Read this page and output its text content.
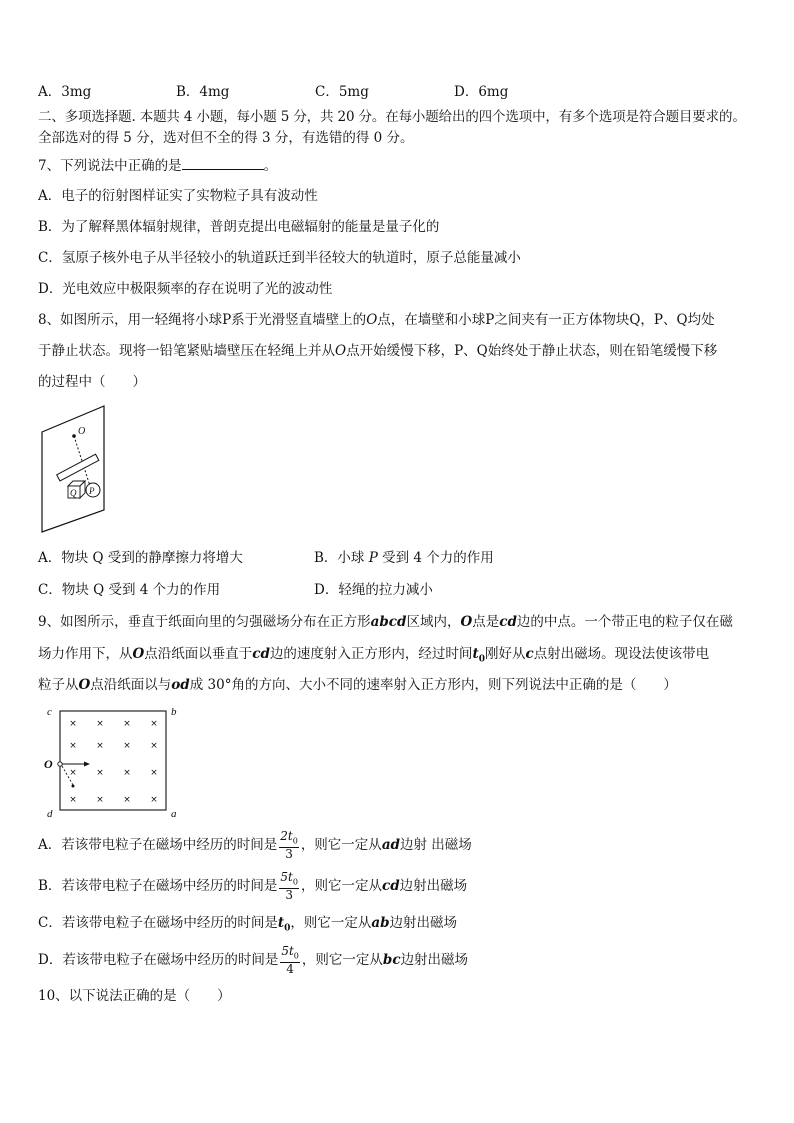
A．3mg	B．4mg	C．5mg	D．6mg
二、多项选择题. 本题共 4 小题，每小题 5 分，共 20 分。在每小题给出的四个选项中，有多个选项是符合题目要求的。
全部选对的得 5 分，选对但不全的得 3 分，有选错的得 0 分。
7、下列说法中正确的是	。
A．电子的衍射图样证实了实物粒子具有波动性
B．为了解释黑体辐射规律，普朗克提出电磁辐射的能量是量子化的
C．氢原子核外电子从半径较小的轨道跃迁到半径较大的轨道时，原子总能量减小
D．光电效应中极限频率的存在说明了光的波动性
8、如图所示，用一轻绳将小球P系于光滑竖直墙壁上的O点，在墙壁和小球P之间夹有一正方体物块Q，P、Q均处
于静止状态。现将一铅笔紧贴墙壁压在轻绳上并从O点开始缓慢下移，P、Q始终处于静止状态，则在铅笔缓慢下移
的过程中（　　）
O
Q P
A．物块 Q 受到的静摩擦力将增大	B．小球 P 受到 4 个力的作用
C．物块 Q 受到 4 个力的作用	D．轻绳的拉力减小
9、如图所示，垂直于纸面向里的匀强磁场分布在正方形abcd区域内，O点是cd边的中点。一个带正电的粒子仅在磁
场力作用下，从O点沿纸面以垂直于cd边的速度射入正方形内，经过时间$t_0$刚好从c点射出磁场。现设法使该带电
粒子从O点沿纸面以与od成 30°角的方向、大小不同的速率射入正方形内，则下列说法中正确的是（　　）
c	b
d	a
O
× × × ×
× × × ×
× × × ×
× × × ×
A．若该带电粒子在磁场中经历的时间是 $\frac{2t_0}{3}$ ，则它一定从ad边射 出磁场
B．若该带电粒子在磁场中经历的时间是 $\frac{5t_0}{3}$ ，则它一定从cd边射出磁场
C．若该带电粒子在磁场中经历的时间是$t_0$，则它一定从ab边射出磁场
D．若该带电粒子在磁场中经历的时间是 $\frac{5t_0}{4}$ ，则它一定从bc边射出磁场
10、以下说法正确的是（　　）
